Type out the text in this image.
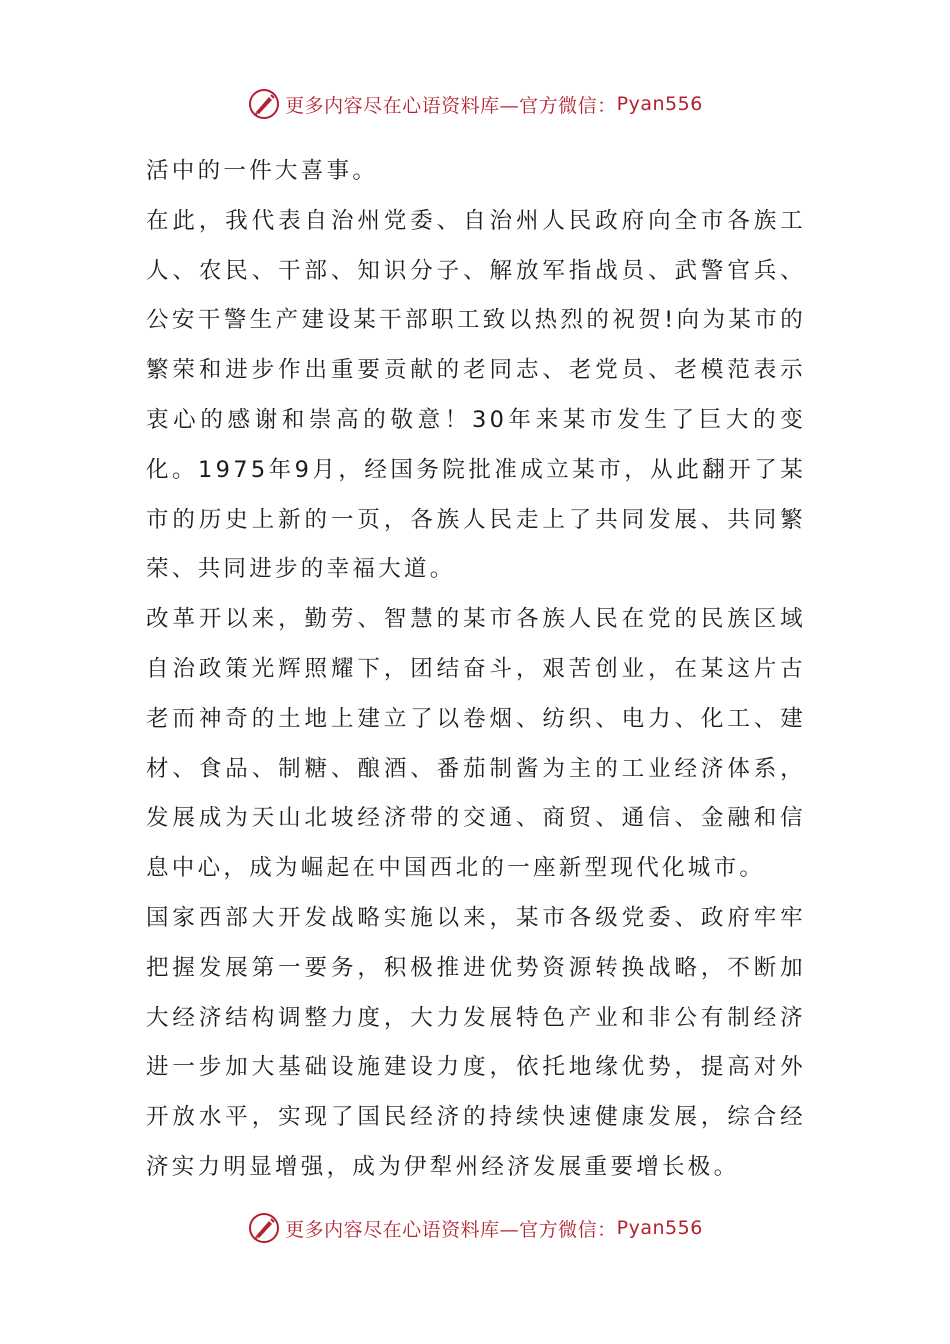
更多内容尽在心语资料库—官方微信： Pyan556

活中的一件大喜事。

在此，我代表自治州党委、自治州人民政府向全市各族工人、农民、干部、知识分子、解放军指战员、武警官兵、公安干警生产建设某干部职工致以热烈的祝贺!向为某市的繁荣和进步作出重要贡献的老同志、老党员、老模范表示衷心的感谢和崇高的敬意！30年来某市发生了巨大的变化。1975年9月，经国务院批准成立某市，从此翻开了某市的历史上新的一页，各族人民走上了共同发展、共同繁荣、共同进步的幸福大道。

改革开以来，勤劳、智慧的某市各族人民在党的民族区域自治政策光辉照耀下，团结奋斗，艰苦创业，在某这片古老而神奇的土地上建立了以卷烟、纺织、电力、化工、建材、食品、制糖、酿酒、番茄制酱为主的工业经济体系，发展成为天山北坡经济带的交通、商贸、通信、金融和信息中心，成为崛起在中国西北的一座新型现代化城市。

国家西部大开发战略实施以来，某市各级党委、政府牢牢把握发展第一要务，积极推进优势资源转换战略，不断加大经济结构调整力度，大力发展特色产业和非公有制经济进一步加大基础设施建设力度，依托地缘优势，提高对外开放水平，实现了国民经济的持续快速健康发展，综合经济实力明显增强，成为伊犁州经济发展重要增长极。

更多内容尽在心语资料库—官方微信： Pyan556
